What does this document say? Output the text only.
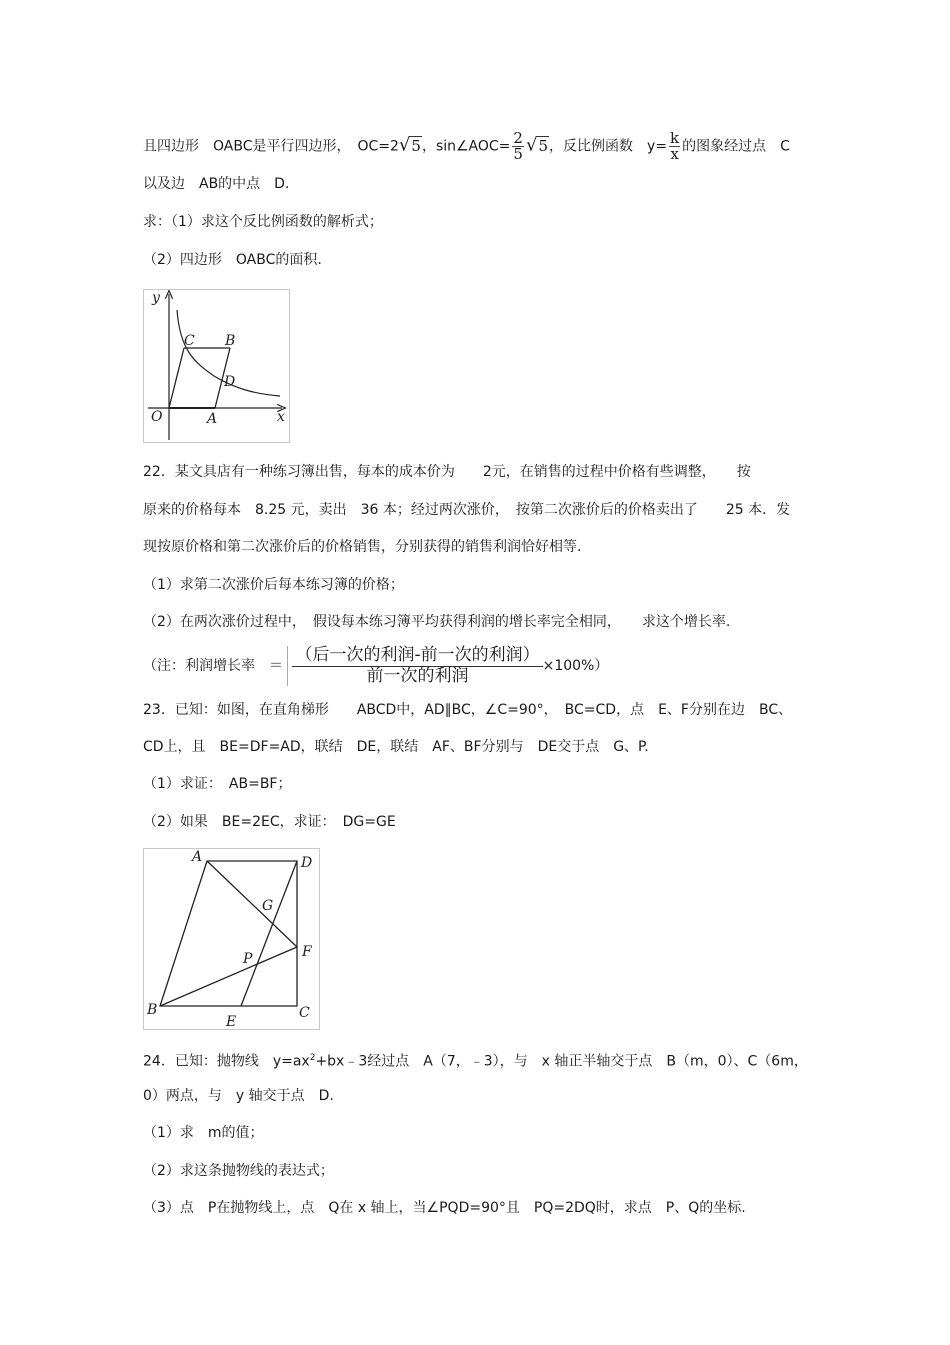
且四边形　OABC是平行四边形，　OC=2√5，sin∠AOC= $\frac{2}{5} √5$，反比例函数　$y= \frac{k}{x}$ 的图象经过点　C
以及边　AB的中点　D.
求：（1）求这个反比例函数的解析式；
（2）四边形　OABC的面积.
y
x
O	A
B
C
D
22．某文具店有一种练习簿出售，每本的成本价为　　2元，在销售的过程中价格有些调整，　　按
原来的价格每本　8.25 元，卖出　36 本；经过两次涨价，　按第二次涨价后的价格卖出了　　25 本．发
现按原价格和第二次涨价后的价格销售，分别获得的销售利润恰好相等.
（1）求第二次涨价后每本练习簿的价格；
（2）在两次涨价过程中，　假设每本练习簿平均获得利润的增长率完全相同，　　求这个增长率.
（注：利润增长率　＝ $\frac{\text{（后一次的利润-前一次的利润）}}{\text{前一次的利润}} \times 100\%$）
23．已知：如图，在直角梯形　　ABCD中，AD∥BC，∠C=90°，　BC=CD，点　E、F分别在边　BC、
CD上，且　BE=DF=AD，联结　DE，联结　AF、BF分别与　DE交于点　G、P.
（1）求证：　AB=BF；
（2）如果　BE=2EC，求证：　DG=GE
A	D
B	C
E
F
G
P
24．已知：抛物线　$y=ax^2+bx﹣3$经过点　A（7，﹣3），与　x 轴正半轴交于点　B（m，0）、C（6m，
0）两点，与　y 轴交于点　D.
（1）求　m的值；
（2）求这条抛物线的表达式；
（3）点　P在抛物线上，点　Q在 x 轴上，当∠PQD=90°且　PQ=2DQ时，求点　P、Q的坐标.
